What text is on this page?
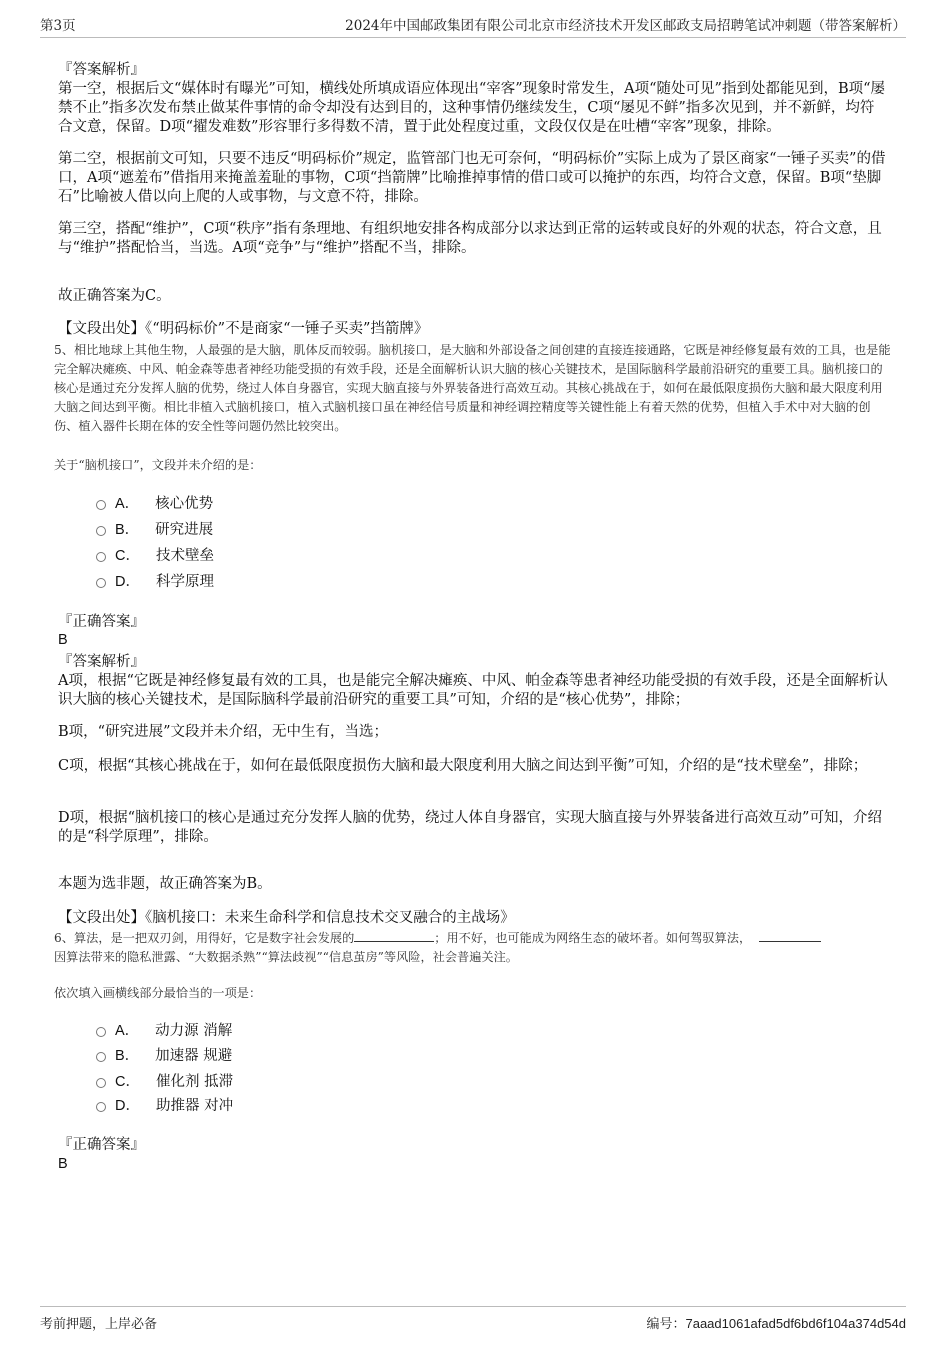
第3页	2024年中国邮政集团有限公司北京市经济技术开发区邮政支局招聘笔试冲刺题（带答案解析）

『答案解析』

第一空，根据后文“媒体时有曝光”可知，横线处所填成语应体现出“宰客”现象时常发生，A项“随处可见”指到处都能见到，B项“屡禁不止”指多次发布禁止做某件事情的命令却没有达到目的，这种事情仍继续发生，C项“屡见不鲜”指多次见到，并不新鲜，均符合文意，保留。D项“擢发难数”形容罪行多得数不清，置于此处程度过重，文段仅仅是在吐槽“宰客”现象，排除。

第二空，根据前文可知，只要不违反“明码标价”规定，监管部门也无可奈何，“明码标价”实际上成为了景区商家“一锤子买卖”的借口，A项“遮羞布”借指用来掩盖羞耻的事物，C项“挡箭牌”比喻推掉事情的借口或可以掩护的东西，均符合文意，保留。B项“垫脚石”比喻被人借以向上爬的人或事物，与文意不符，排除。

第三空，搭配“维护”，C项“秩序”指有条理地、有组织地安排各构成部分以求达到正常的运转或良好的外观的状态，符合文意，且与“维护”搭配恰当，当选。A项“竞争”与“维护”搭配不当，排除。

故正确答案为C。

【文段出处】《“明码标价”不是商家“一锤子买卖”挡箭牌》

5、相比地球上其他生物，人最强的是大脑，肌体反而较弱。脑机接口，是大脑和外部设备之间创建的直接连接通路，它既是神经修复最有效的工具，也是能完全解决瘫痪、中风、帕金森等患者神经功能受损的有效手段，还是全面解析认识大脑的核心关键技术，是国际脑科学最前沿研究的重要工具。脑机接口的核心是通过充分发挥人脑的优势，绕过人体自身器官，实现大脑直接与外界装备进行高效互动。其核心挑战在于，如何在最低限度损伤大脑和最大限度利用大脑之间达到平衡。相比非植入式脑机接口，植入式脑机接口虽在神经信号质量和神经调控精度等关键性能上有着天然的优势，但植入手术中对大脑的创伤、植入器件长期在体的安全性等问题仍然比较突出。

关于“脑机接口”，文段并未介绍的是：

A． 核心优势
B． 研究进展
C． 技术壁垒
D． 科学原理

『正确答案』

B

『答案解析』

A项，根据“它既是神经修复最有效的工具，也是能完全解决瘫痪、中风、帕金森等患者神经功能受损的有效手段，还是全面解析认识大脑的核心关键技术，是国际脑科学最前沿研究的重要工具”可知，介绍的是“核心优势”，排除；

B项，“研究进展”文段并未介绍，无中生有，当选；

C项，根据“其核心挑战在于，如何在最低限度损伤大脑和最大限度利用大脑之间达到平衡”可知，介绍的是“技术壁垒”，排除；

D项，根据“脑机接口的核心是通过充分发挥人脑的优势，绕过人体自身器官，实现大脑直接与外界装备进行高效互动”可知，介绍的是“科学原理”，排除。

本题为选非题，故正确答案为B。

【文段出处】《脑机接口：未来生命科学和信息技术交叉融合的主战场》

6、算法，是一把双刃剑，用得好，它是数字社会发展的	；用不好，也可能成为网络生态的破坏者。如何驾驭算法，
因算法带来的隐私泄露、“大数据杀熟”“算法歧视”“信息茧房”等风险，社会普遍关注。

依次填入画横线部分最恰当的一项是：

A． 动力源 消解
B． 加速器 规避
C． 催化剂 抵滞
D． 助推器 对冲

『正确答案』

B

考前押题，上岸必备	编号：7aaad1061afad5df6bd6f104a374d54d
